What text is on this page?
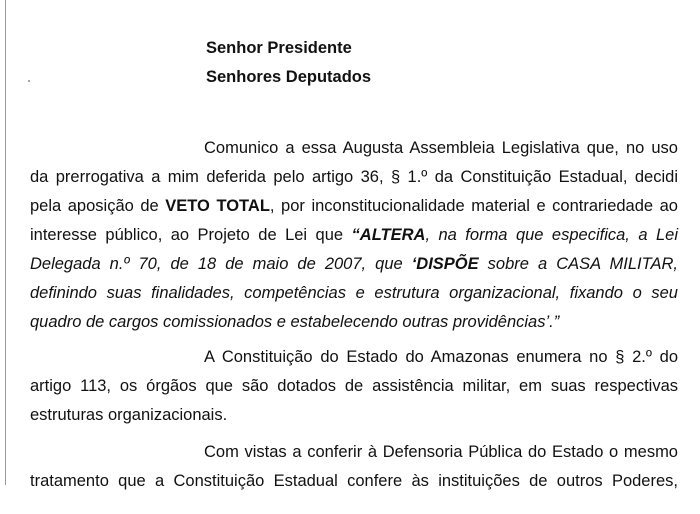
Senhor Presidente
Senhores Deputados
Comunico a essa Augusta Assembleia Legislativa que, no uso
da prerrogativa a mim deferida pelo artigo 36, § 1.º da Constituição Estadual, decidi
pela aposição de VETO TOTAL, por inconstitucionalidade material e contrariedade ao
interesse público, ao Projeto de Lei que “ALTERA, na forma que especifica, a Lei
Delegada n.º 70, de 18 de maio de 2007, que ‘DISPÕE sobre a CASA MILITAR,
definindo suas finalidades, competências e estrutura organizacional, fixando o seu
quadro de cargos comissionados e estabelecendo outras providências’.”
A Constituição do Estado do Amazonas enumera no § 2.º do
artigo 113, os órgãos que são dotados de assistência militar, em suas respectivas
estruturas organizacionais.
Com vistas a conferir à Defensoria Pública do Estado o mesmo
tratamento que a Constituição Estadual confere às instituições de outros Poderes,
